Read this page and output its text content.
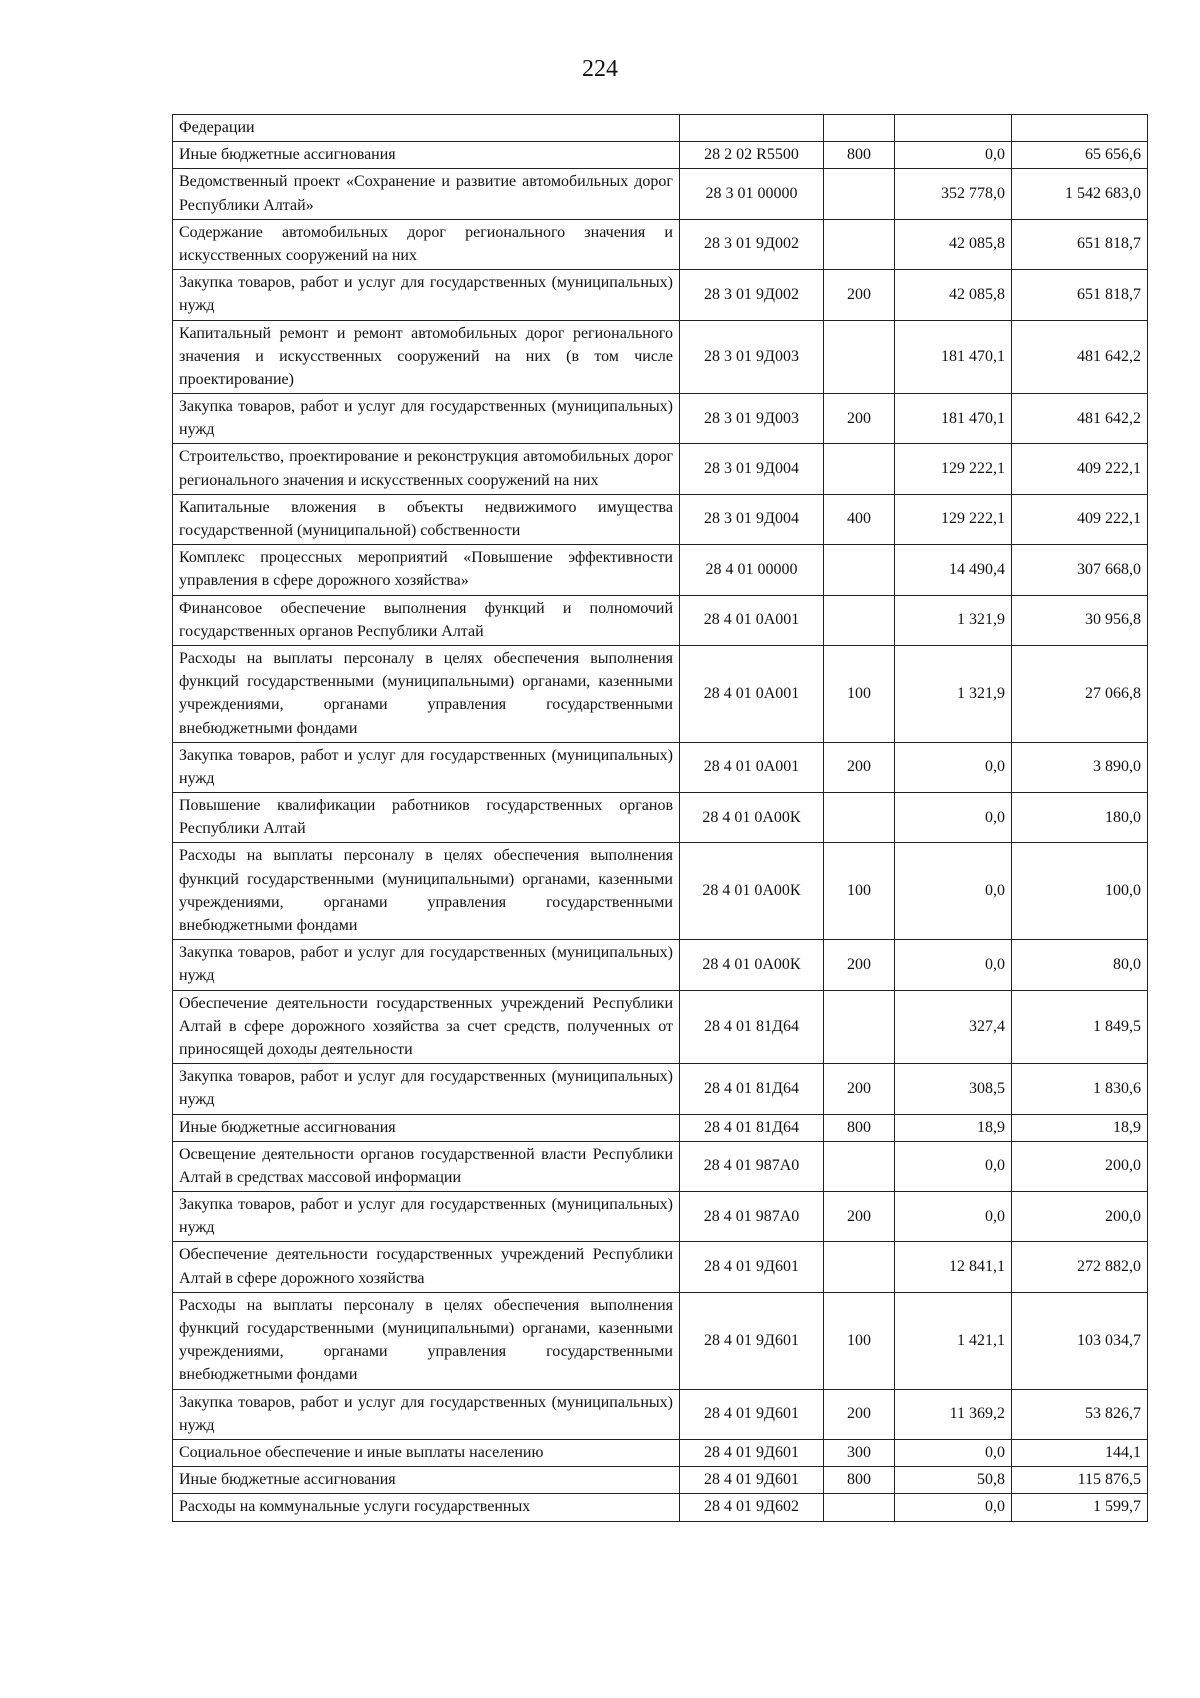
224
Федерации				
Иные бюджетные ассигнования	28 2 02 R5500	800	0,0	65 656,6
Ведомственный проект «Сохранение и развитие автомобильных дорог Республики Алтай»	28 3 01 00000		352 778,0	1 542 683,0
Содержание автомобильных дорог регионального значения и искусственных сооружений на них	28 3 01 9Д002		42 085,8	651 818,7
Закупка товаров, работ и услуг для государственных (муниципальных) нужд	28 3 01 9Д002	200	42 085,8	651 818,7
Капитальный ремонт и ремонт автомобильных дорог регионального значения и искусственных сооружений на них (в том числе проектирование)	28 3 01 9Д003		181 470,1	481 642,2
Закупка товаров, работ и услуг для государственных (муниципальных) нужд	28 3 01 9Д003	200	181 470,1	481 642,2
Строительство, проектирование и реконструкция автомобильных дорог регионального значения и искусственных сооружений на них	28 3 01 9Д004		129 222,1	409 222,1
Капитальные вложения в объекты недвижимого имущества государственной (муниципальной) собственности	28 3 01 9Д004	400	129 222,1	409 222,1
Комплекс процессных мероприятий «Повышение эффективности управления в сфере дорожного хозяйства»	28 4 01 00000		14 490,4	307 668,0
Финансовое обеспечение выполнения функций и полномочий государственных органов Республики Алтай	28 4 01 0А001		1 321,9	30 956,8
Расходы на выплаты персоналу в целях обеспечения выполнения функций государственными (муниципальными) органами, казенными учреждениями, органами управления государственными внебюджетными фондами	28 4 01 0А001	100	1 321,9	27 066,8
Закупка товаров, работ и услуг для государственных (муниципальных) нужд	28 4 01 0А001	200	0,0	3 890,0
Повышение квалификации работников государственных органов Республики Алтай	28 4 01 0А00К		0,0	180,0
Расходы на выплаты персоналу в целях обеспечения выполнения функций государственными (муниципальными) органами, казенными учреждениями, органами управления государственными внебюджетными фондами	28 4 01 0А00К	100	0,0	100,0
Закупка товаров, работ и услуг для государственных (муниципальных) нужд	28 4 01 0А00К	200	0,0	80,0
Обеспечение деятельности государственных учреждений Республики Алтай в сфере дорожного хозяйства за счет средств, полученных от приносящей доходы деятельности	28 4 01 81Д64		327,4	1 849,5
Закупка товаров, работ и услуг для государственных (муниципальных) нужд	28 4 01 81Д64	200	308,5	1 830,6
Иные бюджетные ассигнования	28 4 01 81Д64	800	18,9	18,9
Освещение деятельности органов государственной власти Республики Алтай в средствах массовой информации	28 4 01 987А0		0,0	200,0
Закупка товаров, работ и услуг для государственных (муниципальных) нужд	28 4 01 987А0	200	0,0	200,0
Обеспечение деятельности государственных учреждений Республики Алтай в сфере дорожного хозяйства	28 4 01 9Д601		12 841,1	272 882,0
Расходы на выплаты персоналу в целях обеспечения выполнения функций государственными (муниципальными) органами, казенными учреждениями, органами управления государственными внебюджетными фондами	28 4 01 9Д601	100	1 421,1	103 034,7
Закупка товаров, работ и услуг для государственных (муниципальных) нужд	28 4 01 9Д601	200	11 369,2	53 826,7
Социальное обеспечение и иные выплаты населению	28 4 01 9Д601	300	0,0	144,1
Иные бюджетные ассигнования	28 4 01 9Д601	800	50,8	115 876,5
Расходы на коммунальные услуги государственных	28 4 01 9Д602		0,0	1 599,7
